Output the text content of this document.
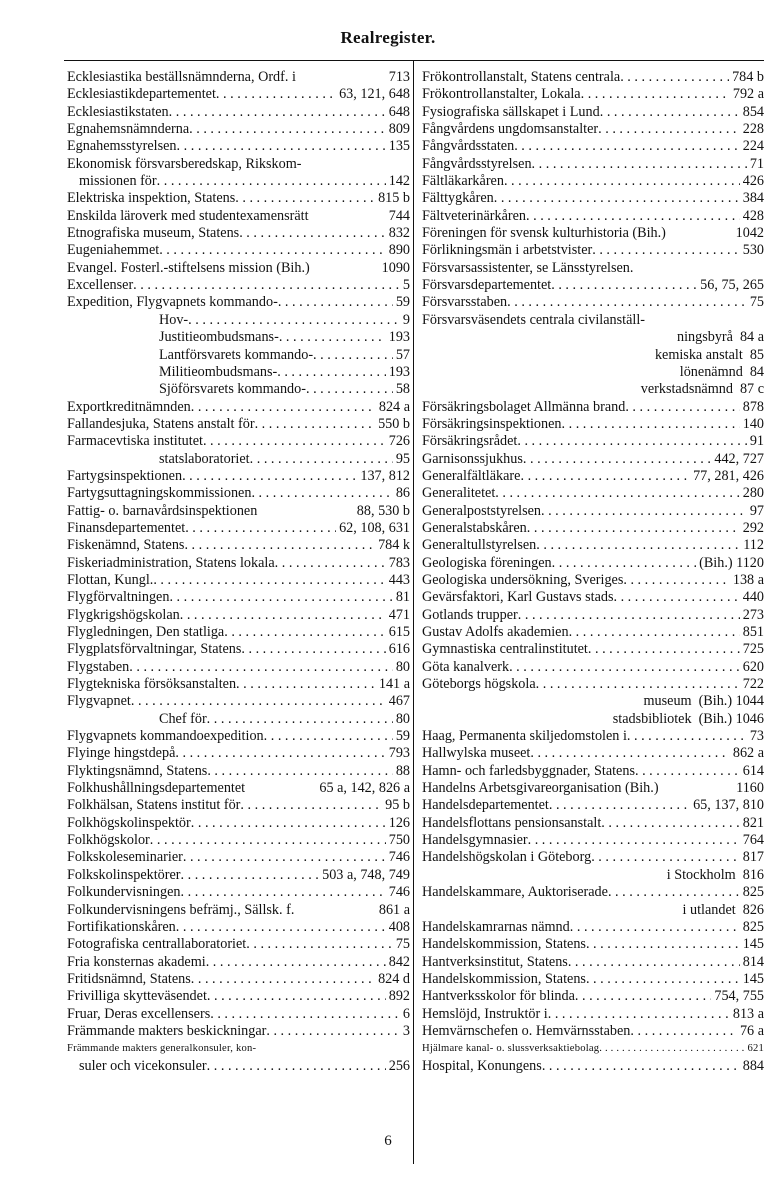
Realregister.
Ecklesiastika beställsnämnderna, Ordf. i	713
Ecklesiastikdepartementet . . .	63, 121, 648
Ecklesiastikstaten . . .	648
Egnahemsnämnderna . . .	809
Egnahemsstyrelsen . . .	135
Ekonomisk försvarsberedskap, Rikskom-
missionen för . . .	142
Elektriska inspektion, Statens . . .	815 b
Enskilda läroverk med studentexamensrätt	744
Etnografiska museum, Statens . . .	832
Eugeniahemmet . . .	890
Evangel. Fosterl.-stiftelsens mission (Bih.)	1090
Excellenser . . .	5
Expedition, Flygvapnets kommando- . . .	59
Hov- . . .	9
Justitieombudsmans- . . .	193
Lantförsvarets kommando- . . .	57
Militieombudsmans- . . .	193
Sjöförsvarets kommando- . . .	58
Exportkreditnämnden . . .	824 a
Fallandesjuka, Statens anstalt för . . .	550 b
Farmacevtiska institutet . . .	726
statslaboratoriet . . .	95
Fartygsinspektionen . . .	137, 812
Fartygsuttagningskommissionen . . .	86
Fattig- o. barnavårdsinspektionen	88, 530 b
Finansdepartementet . . .	62, 108, 631
Fiskenämnd, Statens . . .	784 k
Fiskeriadministration, Statens lokala . . .	783
Flottan, Kungl. . . .	443
Flygförvaltningen . . .	81
Flygkrigshögskolan . . .	471
Flygledningen, Den statliga . . .	615
Flygplatsförvaltningar, Statens . . .	616
Flygstaben . . .	80
Flygtekniska försöksanstalten . . .	141 a
Flygvapnet . . .	467
Chef för . . .	80
Flygvapnets kommandoexpedition . . .	59
Flyinge hingstdepå . . .	793
Flyktingsnämnd, Statens . . .	88
Folkhushållningsdepartementet	65 a, 142, 826 a
Folkhälsan, Statens institut för . . .	95 b
Folkhögskolinspektör . . .	126
Folkhögskolor . . .	750
Folkskoleseminarier . . .	746
Folkskolinspektörer . . .	503 a, 748, 749
Folkundervisningen . . .	746
Folkundervisningens befrämj., Sällsk. f.	861 a
Fortifikationskåren . . .	408
Fotografiska centrallaboratoriet . . .	75
Fria konsternas akademi . . .	842
Fritidsnämnd, Statens . . .	824 d
Frivilliga skytteväsendet . . .	892
Fruar, Deras excellensers . . .	6
Främmande makters beskickningar . . .	3
Främmande makters generalkonsuler, kon-
suler och vicekonsuler . . .	256
Frökontrollanstalt, Statens centrala . . .	784 b
Frökontrollanstalter, Lokala . . .	792 a
Fysiografiska sällskapet i Lund . . .	854
Fångvårdens ungdomsanstalter . . .	228
Fångvårdsstaten . . .	224
Fångvårdsstyrelsen . . .	71
Fältläkarkåren . . .	426
Fälttygkåren . . .	384
Fältveterinärkåren . . .	428
Föreningen för svensk kulturhistoria (Bih.)	1042
Förlikningsmän i arbetstvister . . .	530
Försvarsassistenter, se Länsstyrelsen.
Försvarsdepartementet . . .	56, 75, 265
Försvarsstaben . . .	75
Försvarsväsendets centrala civilanställ-
ningsbyrå 84 a
kemiska anstalt 85
lönenämnd 84
verkstadsnämnd 87 c
Försäkringsbolaget Allmänna brand . . .	878
Försäkringsinspektionen . . .	140
Försäkringsrådet . . .	91
Garnisonssjukhus . . .	442, 727
Generalfältläkare . . .	77, 281, 426
Generalitetet . . .	280
Generalpoststyrelsen . . .	97
Generalstabskåren . . .	292
Generaltullstyrelsen . . .	112
Geologiska föreningen . . .	(Bih.) 1120
Geologiska undersökning, Sveriges . . .	138 a
Gevärsfaktori, Karl Gustavs stads . . .	440
Gotlands trupper . . .	273
Gustav Adolfs akademien . . .	851
Gymnastiska centralinstitutet . . .	725
Göta kanalverk . . .	620
Göteborgs högskola . . .	722
museum (Bih.) 1044
stadsbibliotek (Bih.) 1046
Haag, Permanenta skiljedomstolen i . . .	73
Hallwylska museet . . .	862 a
Hamn- och farledsbyggnader, Statens . . .	614
Handelns Arbetsgivareorganisation (Bih.)	1160
Handelsdepartementet . . .	65, 137, 810
Handelsflottans pensionsanstalt . . .	821
Handelsgymnasier . . .	764
Handelshögskolan i Göteborg . . .	817
i Stockholm 816
Handelskammare, Auktoriserade . . .	825
i utlandet 826
Handelskamrarnas nämnd . . .	825
Handelskommission, Statens . . .	145
Hantverksinstitut, Statens . . .	814
Handelskommission, Statens . . .	145
Hantverksskolor för blinda . . .	754, 755
Hemslöjd, Instruktör i . . .	813 a
Hemvärnschefen o. Hemvärnsstaben . . .	76 a
Hjälmare kanal- o. slussverksaktiebolag . . .	621
Hospital, Konungens . . .	884
6
